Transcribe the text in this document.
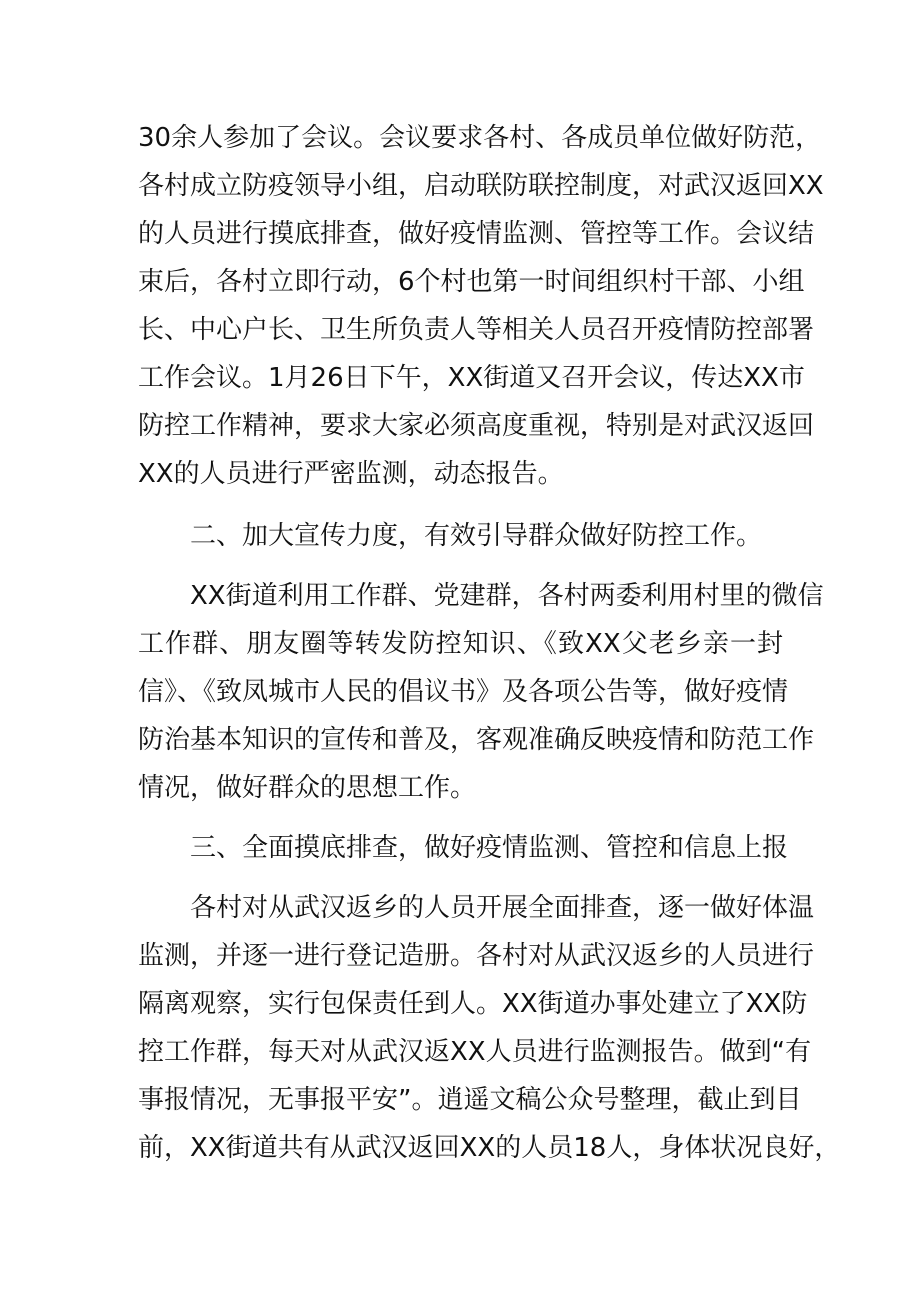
30余人参加了会议。会议要求各村、各成员单位做好防范，
各村成立防疫领导小组，启动联防联控制度，对武汉返回XX
的人员进行摸底排查，做好疫情监测、管控等工作。会议结
束后，各村立即行动，6个村也第一时间组织村干部、小组
长、中心户长、卫生所负责人等相关人员召开疫情防控部署
工作会议。1月26日下午，XX街道又召开会议，传达XX市
防控工作精神，要求大家必须高度重视，特别是对武汉返回
XX的人员进行严密监测，动态报告。
二、加大宣传力度，有效引导群众做好防控工作。
XX街道利用工作群、党建群，各村两委利用村里的微信
工作群、朋友圈等转发防控知识、《致XX父老乡亲一封
信》、《致凤城市人民的倡议书》及各项公告等，做好疫情
防治基本知识的宣传和普及，客观准确反映疫情和防范工作
情况，做好群众的思想工作。
三、全面摸底排查，做好疫情监测、管控和信息上报
各村对从武汉返乡的人员开展全面排查，逐一做好体温
监测，并逐一进行登记造册。各村对从武汉返乡的人员进行
隔离观察，实行包保责任到人。XX街道办事处建立了XX防
控工作群，每天对从武汉返XX人员进行监测报告。做到“有
事报情况，无事报平安”。逍遥文稿公众号整理，截止到目
前，XX街道共有从武汉返回XX的人员18人，身体状况良好，
